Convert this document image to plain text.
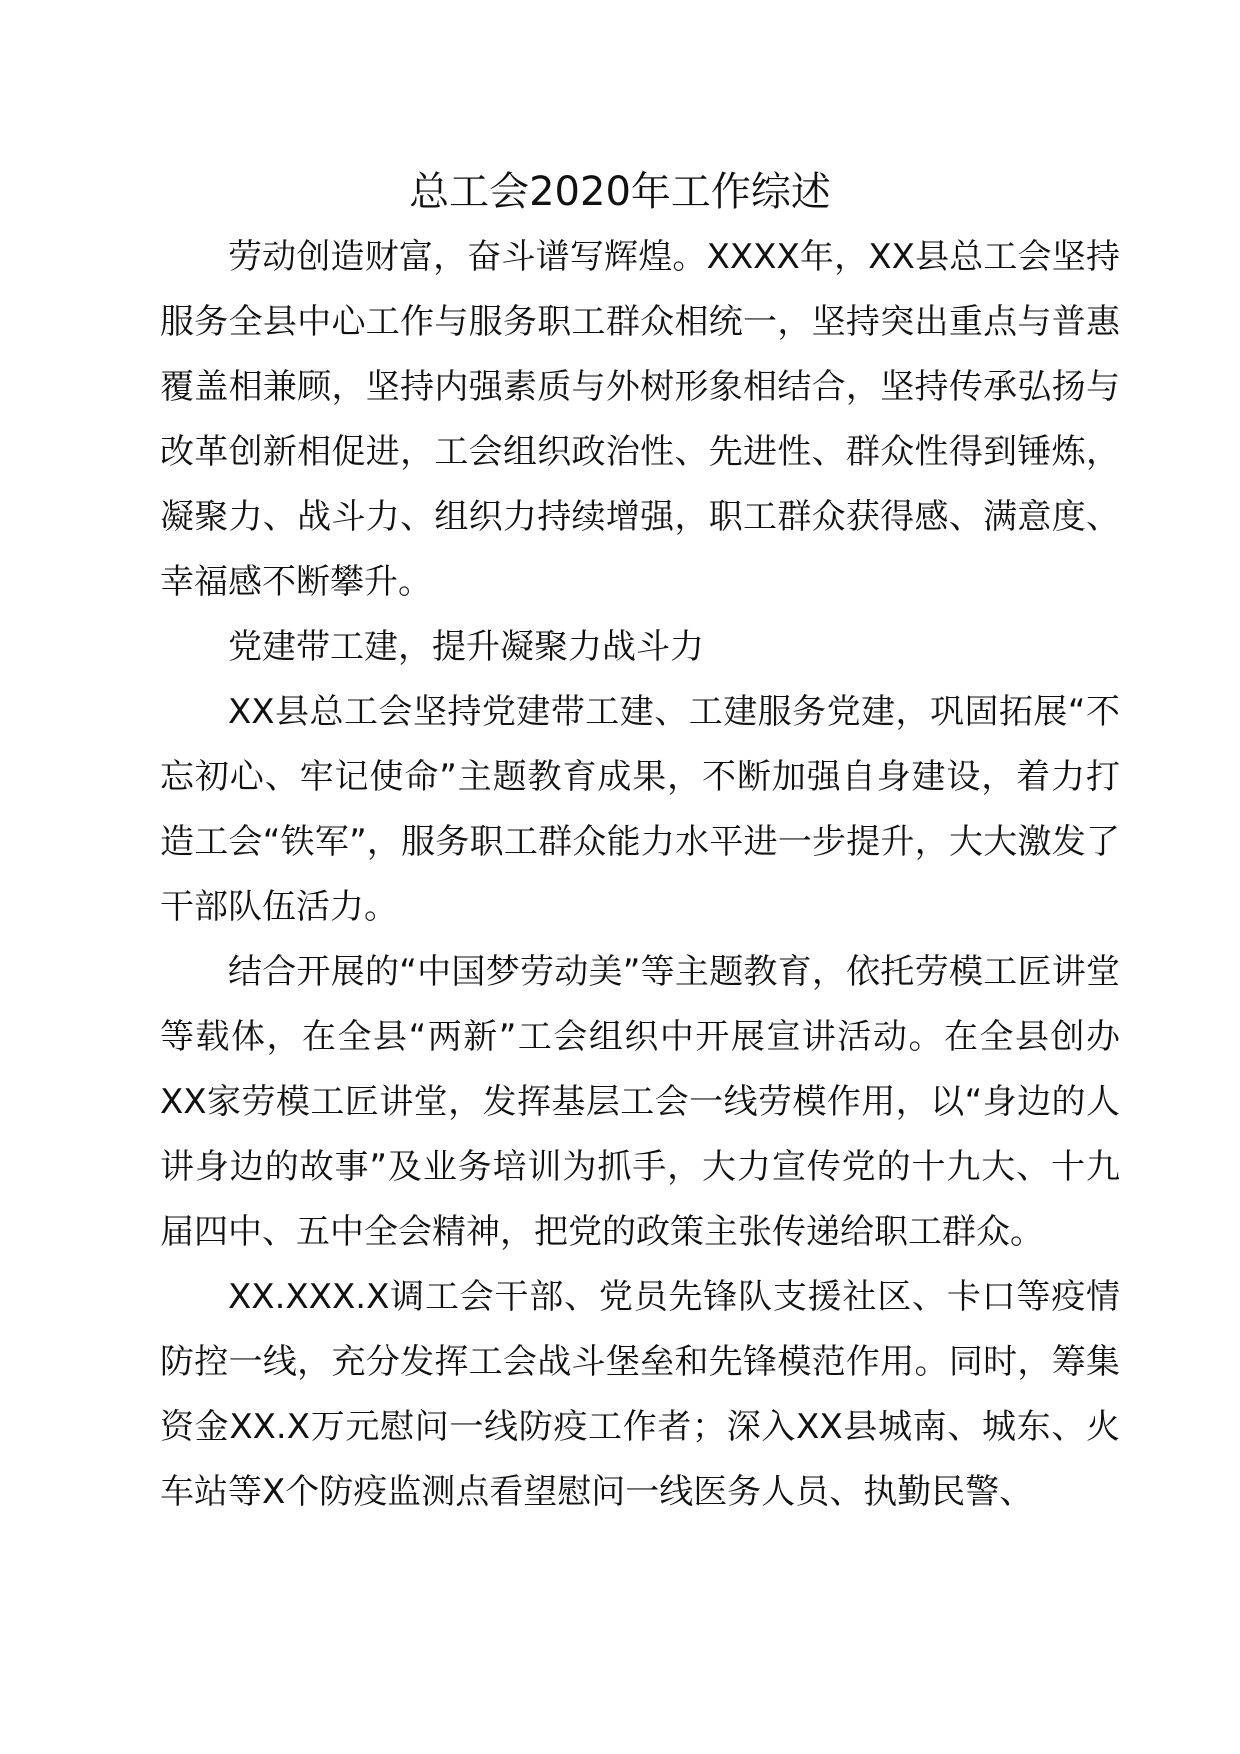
总工会2020年工作综述

劳动创造财富，奋斗谱写辉煌。XXXX年，XX县总工会坚持服务全县中心工作与服务职工群众相统一，坚持突出重点与普惠覆盖相兼顾，坚持内强素质与外树形象相结合，坚持传承弘扬与改革创新相促进，工会组织政治性、先进性、群众性得到锤炼，凝聚力、战斗力、组织力持续增强，职工群众获得感、满意度、幸福感不断攀升。

党建带工建，提升凝聚力战斗力

XX县总工会坚持党建带工建、工建服务党建，巩固拓展“不忘初心、牢记使命”主题教育成果，不断加强自身建设，着力打造工会“铁军”，服务职工群众能力水平进一步提升，大大激发了干部队伍活力。

结合开展的“中国梦劳动美”等主题教育，依托劳模工匠讲堂等载体，在全县“两新”工会组织中开展宣讲活动。在全县创办XX家劳模工匠讲堂，发挥基层工会一线劳模作用，以“身边的人讲身边的故事”及业务培训为抓手，大力宣传党的十九大、十九届四中、五中全会精神，把党的政策主张传递给职工群众。

XX.XXX.X调工会干部、党员先锋队支援社区、卡口等疫情防控一线，充分发挥工会战斗堡垒和先锋模范作用。同时，筹集资金XX.X万元慰问一线防疫工作者；深入XX县城南、城东、火车站等X个防疫监测点看望慰问一线医务人员、执勤民警、
